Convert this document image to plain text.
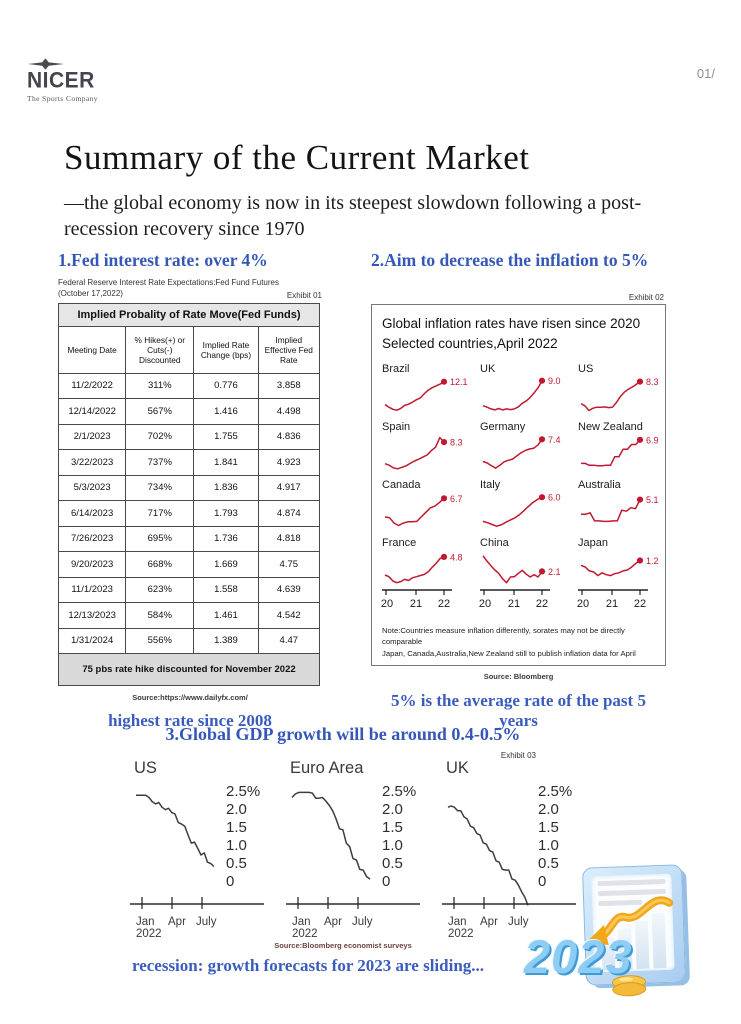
NICER
The Sports Company
01/
Summary of the Current Market
—the global economy is now in its steepest slowdown following a post-recession recovery since 1970
1.Fed interest rate: over 4%
Federal Reserve Interest Rate Expectations:Fed Fund Futures
(October 17,2022)	Exhibit 01
Implied Probality of Rate Move(Fed Funds)			
Meeting Date	% Hikes(+) or Cuts(-) Discounted	Implied Rate Change (bps)	Implied Effective Fed Rate
11/2/2022	311%	0.776	3.858
12/14/2022	567%	1.416	4.498
2/1/2023	702%	1.755	4.836
3/22/2023	737%	1.841	4.923
5/3/2023	734%	1.836	4.917
6/14/2023	717%	1.793	4.874
7/26/2023	695%	1.736	4.818
9/20/2023	668%	1.669	4.75
11/1/2023	623%	1.558	4.639
12/13/2023	584%	1.461	4.542
1/31/2024	556%	1.389	4.47
75 pbs rate hike discounted for November 2022			
Source:https://www.dailyfx.com/
highest rate since 2008
2.Aim to decrease the inflation to 5%
Exhibit 02
Global inflation rates have risen since 2020
Selected countries,April 2022
Brazil
12.1
UK
9.0
US
8.3
Spain
8.3
Germany
7.4
New Zealand
6.9
Canada
6.7
Italy
6.0
Australia
5.1
France
4.8
20 21 22
China
2.1
20 21 22
Japan
1.2
20 21 22
Note:Countries measure inflation differently, sorates may not be directly comparable
Japan, Canada,Australia,New Zealand still to publish inflation data for April
Source: Bloomberg
5% is the average rate of the past 5 years
3.Global GDP growth will be around 0.4-0.5%
Exhibit 03
US
2.5%
2.0
1.5
1.0
0.5
0
Jan Apr July
2022
Euro Area
2.5%
2.0
1.5
1.0
0.5
0
Jan Apr July
2022
UK
2.5%
2.0
1.5
1.0
0.5
0
Jan Apr July
2022
Source:Bloomberg economist surveys
recession: growth forecasts for 2023 are sliding... 2023
